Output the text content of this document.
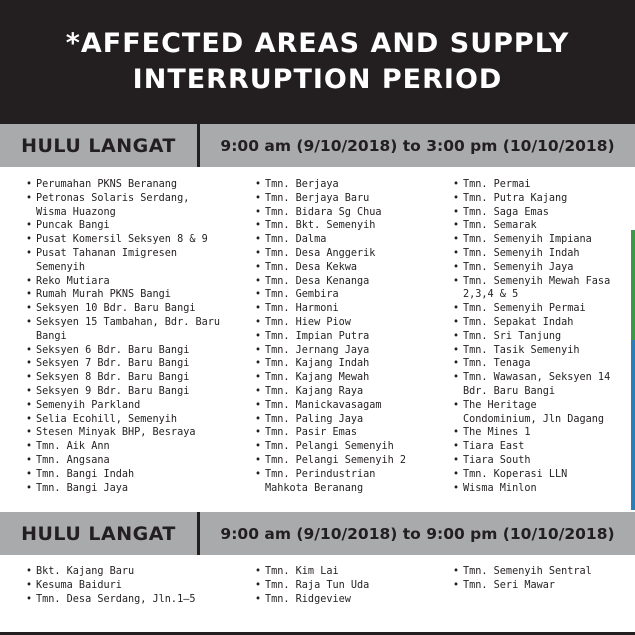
*AFFECTED AREAS AND SUPPLY
INTERRUPTION PERIOD
HULU LANGAT	9:00 am (9/10/2018) to 3:00 pm (10/10/2018)
• Perumahan PKNS Beranang
• Petronas Solaris Serdang, Wisma Huazong
• Puncak Bangi
• Pusat Komersil Seksyen 8 & 9
• Pusat Tahanan Imigresen Semenyih
• Reko Mutiara
• Rumah Murah PKNS Bangi
• Seksyen 10 Bdr. Baru Bangi
• Seksyen 15 Tambahan, Bdr. Baru Bangi
• Seksyen 6 Bdr. Baru Bangi
• Seksyen 7 Bdr. Baru Bangi
• Seksyen 8 Bdr. Baru Bangi
• Seksyen 9 Bdr. Baru Bangi
• Semenyih Parkland
• Selia Ecohill, Semenyih
• Stesen Minyak BHP, Besraya
• Tmn. Aik Ann
• Tmn. Angsana
• Tmn. Bangi Indah
• Tmn. Bangi Jaya
• Tmn. Berjaya
• Tmn. Berjaya Baru
• Tmn. Bidara Sg Chua
• Tmn. Bkt. Semenyih
• Tmn. Dalma
• Tmn. Desa Anggerik
• Tmn. Desa Kekwa
• Tmn. Desa Kenanga
• Tmn. Gembira
• Tmn. Harmoni
• Tmn. Hiew Piow
• Tmn. Impian Putra
• Tmn. Jernang Jaya
• Tmn. Kajang Indah
• Tmn. Kajang Mewah
• Tmn. Kajang Raya
• Tmn. Manickavasagam
• Tmn. Paling Jaya
• Tmn. Pasir Emas
• Tmn. Pelangi Semenyih
• Tmn. Pelangi Semenyih 2
• Tmn. Perindustrian Mahkota Beranang
• Tmn. Permai
• Tmn. Putra Kajang
• Tmn. Saga Emas
• Tmn. Semarak
• Tmn. Semenyih Impiana
• Tmn. Semenyih Indah
• Tmn. Semenyih Jaya
• Tmn. Semenyih Mewah Fasa 2,3,4 & 5
• Tmn. Semenyih Permai
• Tmn. Sepakat Indah
• Tmn. Sri Tanjung
• Tmn. Tasik Semenyih
• Tmn. Tenaga
• Tmn. Wawasan, Seksyen 14 Bdr. Baru Bangi
• The Heritage Condominium, Jln Dagang
• The Mines 1
• Tiara East
• Tiara South
• Tmn. Koperasi LLN
• Wisma Minlon
HULU LANGAT	9:00 am (9/10/2018) to 9:00 pm (10/10/2018)
• Bkt. Kajang Baru
• Kesuma Baiduri
• Tmn. Desa Serdang, Jln.1–5
• Tmn. Kim Lai
• Tmn. Raja Tun Uda
• Tmn. Ridgeview
• Tmn. Semenyih Sentral
• Tmn. Seri Mawar
